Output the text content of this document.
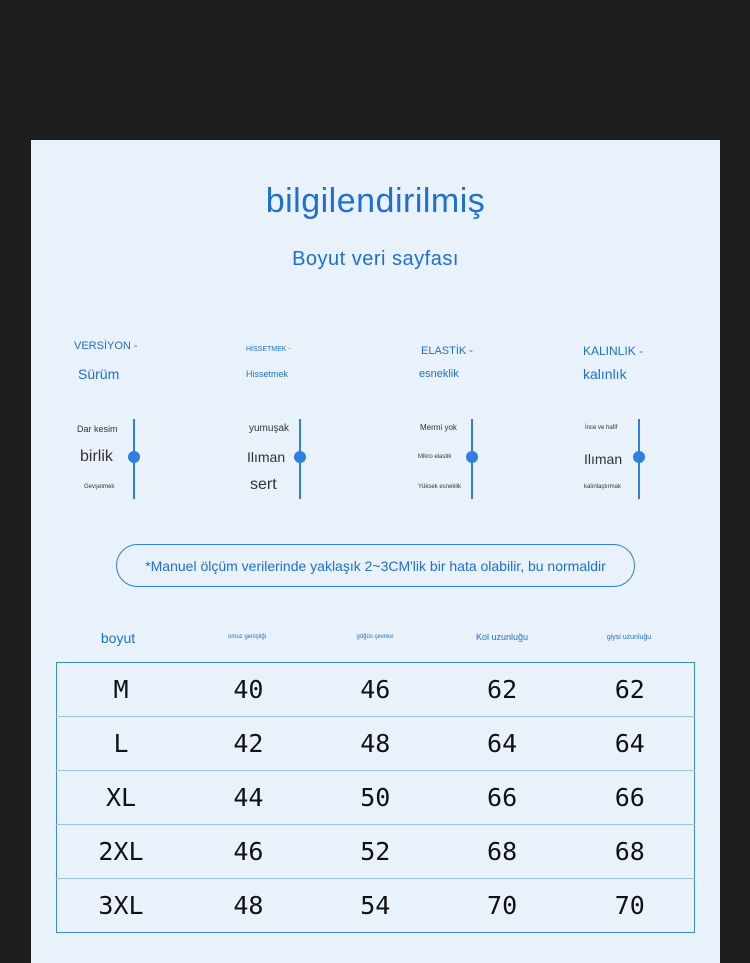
bilgilendirilmiş
Boyut veri sayfası
VERSİYON -
Sürüm
Dar kesim
birlik
Gevşetmek
HİSSETMEK -
Hissetmek
yumuşak
Ilıman
sert
ELASTİK -
esneklik
Mermi yok
Mikro elastik
Yüksek esneklik
KALINLIK -
kalınlık
İnce ve hafif
Ilıman
kalınlaştırmak
*Manuel ölçüm verilerinde yaklaşık 2~3CM'lik bir hata olabilir, bu normaldir
boyut	omuz genişliği	göğüs çevresi	Kol uzunluğu	giysi uzunluğu
M	40	46	62	62
L	42	48	64	64
XL	44	50	66	66
2XL	46	52	68	68
3XL	48	54	70	70
